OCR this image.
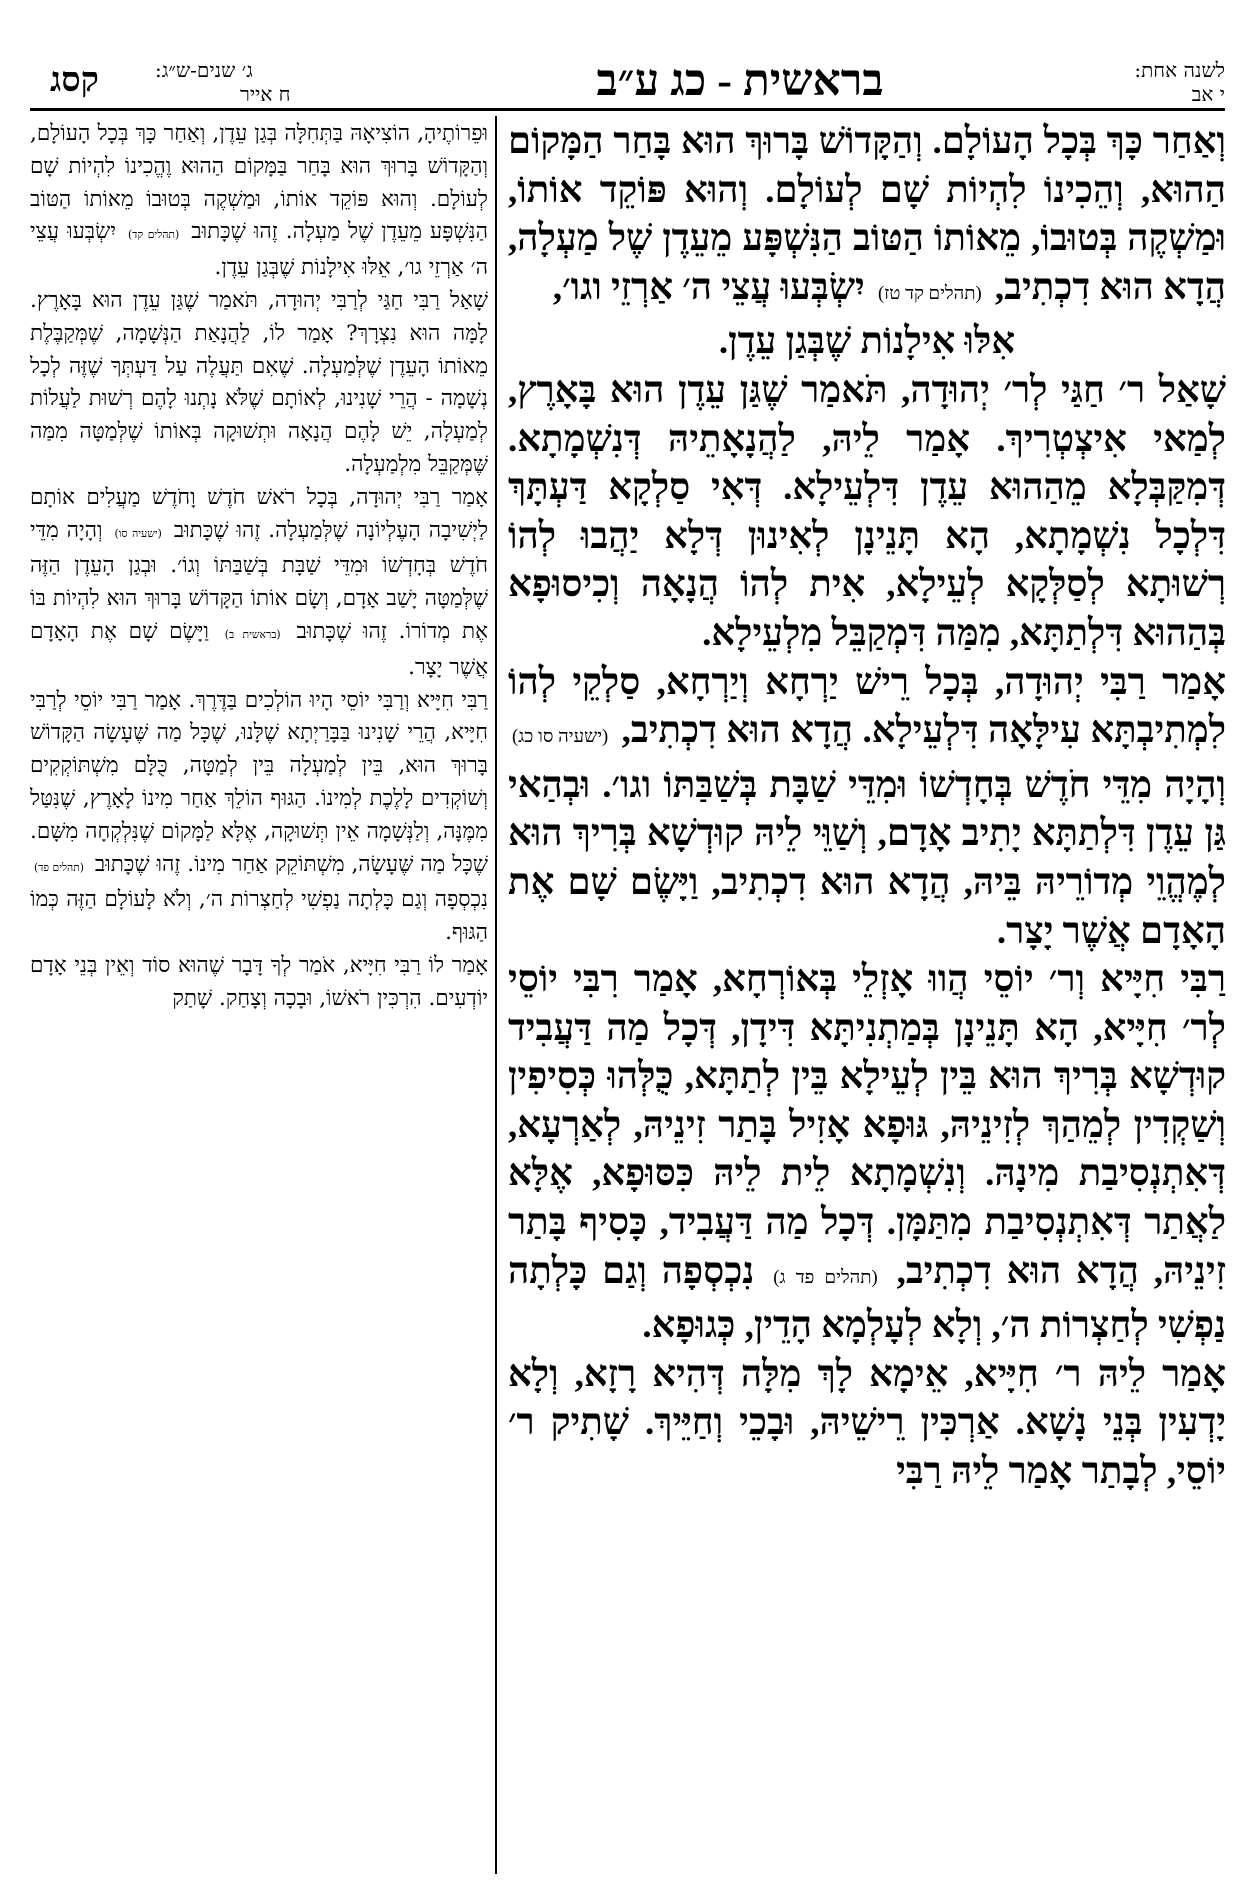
בראשית - כג ע״ב	לשנה אחת:
י אב
ג׳ שנים-ש״ג:
ח אייר
קסג

וְאַחַר כָּךְ בְּכָל הָעוֹלָם. וְהַקָּדוֹשׁ בָּרוּךְ הוּא בָּחַר הַמָּקוֹם הַהוּא, וְהֵכִינוֹ לִהְיוֹת שָׁם לְעוֹלָם. וְהוּא פּוֹקֵד אוֹתוֹ, וּמַשְׁקֶה בְּטוּבוֹ, מֵאוֹתוֹ הַטּוֹב הַנִּשְׁפָּע מֵעֵדֶן שֶׁל מַעְלָה, הֲדָא הוּא דִכְתִיב, (תהלים קד טז) יִשְׂבְּעוּ עֲצֵי ה׳ אַרְזֵי וגו׳,

אִלּוּ אִילָנוֹת שֶׁבְּגַן עֵדֶן.

שָׁאַל ר׳ חַגַּי לְר׳ יְהוּדָה, תֹּאמַר שֶׁגַּן עֵדֶן הוּא בָּאָרֶץ, לְמַאי אִיצְטְרִיךְ. אָמַר לֵיהּ, לַהֲנָאָתֵיהּ דְּנִשְׁמָתָא. דְּמִקַּבְּלָא מֵהַהוּא עֵדֶן דִּלְעֵילָא. דְּאִי סַלְקָא דַּעְתָּךְ דִּלְכָל נִשְׁמָתָא, הָא תָּנֵינָן לְאִינוּן דְּלָא יַהֲבוּ לְהוֹ רְשׁוּתָא לְסַלְּקָא לְעֵילָא, אִית לְהוֹ הֲנָאָה וְכִיסוּפָא בְּהַהוּא דִּלְתַתָּא, מִמַּה דִּמְקַבֵּל מִלְעֵילָא.

אָמַר רַבִּי יְהוּדָה, בְּכָל רֵישׁ יַרְחָא וְיַרְחָא, סַלְקֵי לְהוֹ לִמְתִיבְתָּא עִילָּאָה דִּלְעֵילָא. הֲדָא הוּא דִכְתִיב, (ישעיה סו כג) וְהָיָה מִדֵּי חֹדֶשׁ בְּחָדְשׁוֹ וּמִדֵּי שַׁבָּת בְּשַׁבַּתּוֹ וגו׳. וּבְהַאי גַּן עֵדֶן דִּלְתַתָּא יָתִיב אָדָם, וְשַׁוֵּי לֵיהּ קוּדְשָׁא בְּרִיךְ הוּא לְמֶהֱוֵי מְדוֹרֵיהּ בֵּיהּ, הֲדָא הוּא דִכְתִיב, וַיָּשֶׂם שָׁם אֶת הָאָדָם אֲשֶׁר יָצָר.

רַבִּי חִיָּיא וְר׳ יוֹסֵי הֲווּ אָזְלֵי בְּאוֹרְחָא, אָמַר רִבִּי יוֹסֵי לְר׳ חִיָּיא, הָא תָּנֵינָן בְּמַתְנִיתָּא דִּידָן, דְּכָל מַה דַּעֲבִיד קוּדְשָׁא בְּרִיךְ הוּא בֵּין לְעֵילָא בֵּין לְתַתָּא, כֻּלְּהוּ כְּסִיפִין וְשַׁקְדִין לְמֵהַךְ לְזִינֵיהּ, גּוּפָא אָזִיל בָּתַר זִינֵיהּ, לְאַרְעָא, דְּאִתְנְסִיבַת מִינָהּ. וְנִשְׁמָתָא לֵית לֵיהּ כִּסּוּפָא, אֶלָּא לַאֲתַר דְּאִתְנְסִיבַת מִתַּמָּן. דְּכָל מַה דַּעֲבִיד, כָּסִיף בָּתַר זִינֵיהּ, הֲדָא הוּא דִכְתִיב, (תהלים פד ג) נִכְסְפָה וְגַם כָּלְתָה נַפְשִׁי לְחַצְרוֹת ה׳, וְלָא לְעָלְמָא הָדֵין, כְּגוּפָא.

אָמַר לֵיהּ ר׳ חִיָּיא, אֵימָא לָךְ מִלָּה דְּהִיא רָזָא, וְלָא יָדְעִין בְּנֵי נָשָׁא. אַרְכִּין רֵישֵׁיהּ, וּבָכֵי וְחַיֵּיךְ. שָׁתִיק ר׳ יוֹסֵי, לְבָתַר אָמַר לֵיהּ רַבִּי

וּפֵרוֹתֶיהָ, הוֹצִיאָהּ בַּתְּחִלָּה בְּגַן עֵדֶן, וְאַחַר כָּךְ בְּכָל הָעוֹלָם, וְהַקָּדוֹשׁ בָּרוּךְ הוּא בָּחַר בַּמָּקוֹם הַהוּא וֶהֱכִינוֹ לִהְיוֹת שָׁם לְעוֹלָם. וְהוּא פּוֹקֵד אוֹתוֹ, וּמַשְׁקֶה בְּטוּבוֹ מֵאוֹתוֹ הַטּוֹב הַנִּשְׁפָּע מֵעֵדֶן שֶׁל מַעְלָה. זֶהוּ שֶׁכָּתוּב (תהלים קד) יִשְׂבְּעוּ עֲצֵי ה׳ אַרְזֵי גו׳, אֵלּוּ אִילָנוֹת שֶׁבְּגַן עֵדֶן.

שָׁאַל רַבִּי חַגַּי לְרַבִּי יְהוּדָה, תֹּאמַר שֶׁגַּן עֵדֶן הוּא בָּאָרֶץ. לָמָּה הוּא נִצְרָךְ? אָמַר לוֹ, לַהֲנָאַת הַנְּשָׁמָה, שֶׁמְּקַבֶּלֶת מֵאוֹתוֹ הָעֵדֶן שֶׁלְּמַעְלָה. שֶׁאִם תַּעֲלֶה עַל דַּעְתְּךָ שֶׁזֶּה לְכָל נְשָׁמָה - הֲרֵי שָׁנִינוּ, לְאוֹתָם שֶׁלֹּא נָתְנוּ לָהֶם רְשׁוּת לַעֲלוֹת לְמַעְלָה, יֵשׁ לָהֶם הֲנָאָה וּתְשׁוּקָה בְּאוֹתוֹ שֶׁלְּמַטָּה מִמַּה שֶּׁמְּקַבֵּל מִלְמַעְלָה.

אָמַר רַבִּי יְהוּדָה, בְּכָל רֹאשׁ חֹדֶשׁ וָחֹדֶשׁ מַעֲלִים אוֹתָם לַיְשִׁיבָה הָעֶלְיוֹנָה שֶׁלְּמַעְלָה. זֶהוּ שֶׁכָּתוּב (ישעיה סו) וְהָיָה מִדֵּי חֹדֶשׁ בְּחָדְשׁוֹ וּמִדֵּי שַׁבָּת בְּשַׁבַּתּוֹ וְגוֹ׳. וּבְגַן הָעֵדֶן הַזֶּה שֶׁלְּמַטָּה יָשַׁב אָדָם, וְשָׂם אוֹתוֹ הַקָּדוֹשׁ בָּרוּךְ הוּא לִהְיוֹת בּוֹ אֶת מְדוֹרוֹ. זֶהוּ שֶׁכָּתוּב (בראשית ב) וַיָּשֶׂם שָׁם אֶת הָאָדָם אֲשֶׁר יָצָר.

רַבִּי חִיָּיא וְרַבִּי יוֹסֵי הָיוּ הוֹלְכִים בַּדֶּרֶךְ. אָמַר רַבִּי יוֹסֵי לְרַבִּי חִיָּיא, הֲרֵי שָׁנִינוּ בַּבָּרַיְתָא שֶׁלָּנוּ, שֶׁכָּל מַה שֶּׁעָשָׂה הַקָּדוֹשׁ בָּרוּךְ הוּא, בֵּין לְמַעְלָה בֵּין לְמַטָּה, כֻּלָּם מִשְׁתּוֹקְקִים וְשׁוֹקְדִים לָלֶכֶת לְמִינוֹ. הַגּוּף הוֹלֵךְ אַחַר מִינוֹ לָאָרֶץ, שֶׁנִּטַּל מִמֶּנָּה, וְלַנְּשָׁמָה אֵין תְּשׁוּקָה, אֶלָּא לַמָּקוֹם שֶׁנִּלְקְחָה מִשָּׁם. שֶׁכָּל מַה שֶּׁעָשָׂה, מִשְׁתּוֹקֵק אַחַר מִינוֹ. זֶהוּ שֶׁכָּתוּב (תהלים פד) נִכְסְפָה וְגַם כָּלְתָה נַפְשִׁי לְחַצְרוֹת ה׳, וְלֹא לָעוֹלָם הַזֶּה כְּמוֹ הַגּוּף.

אָמַר לוֹ רַבִּי חִיָּיא, אֹמַר לְךָ דָּבָר שֶׁהוּא סוֹד וְאֵין בְּנֵי אָדָם יוֹדְעִים. הִרְכִּין רֹאשׁוֹ, וּבָכָה וְצָחַק. שָׁתַק
